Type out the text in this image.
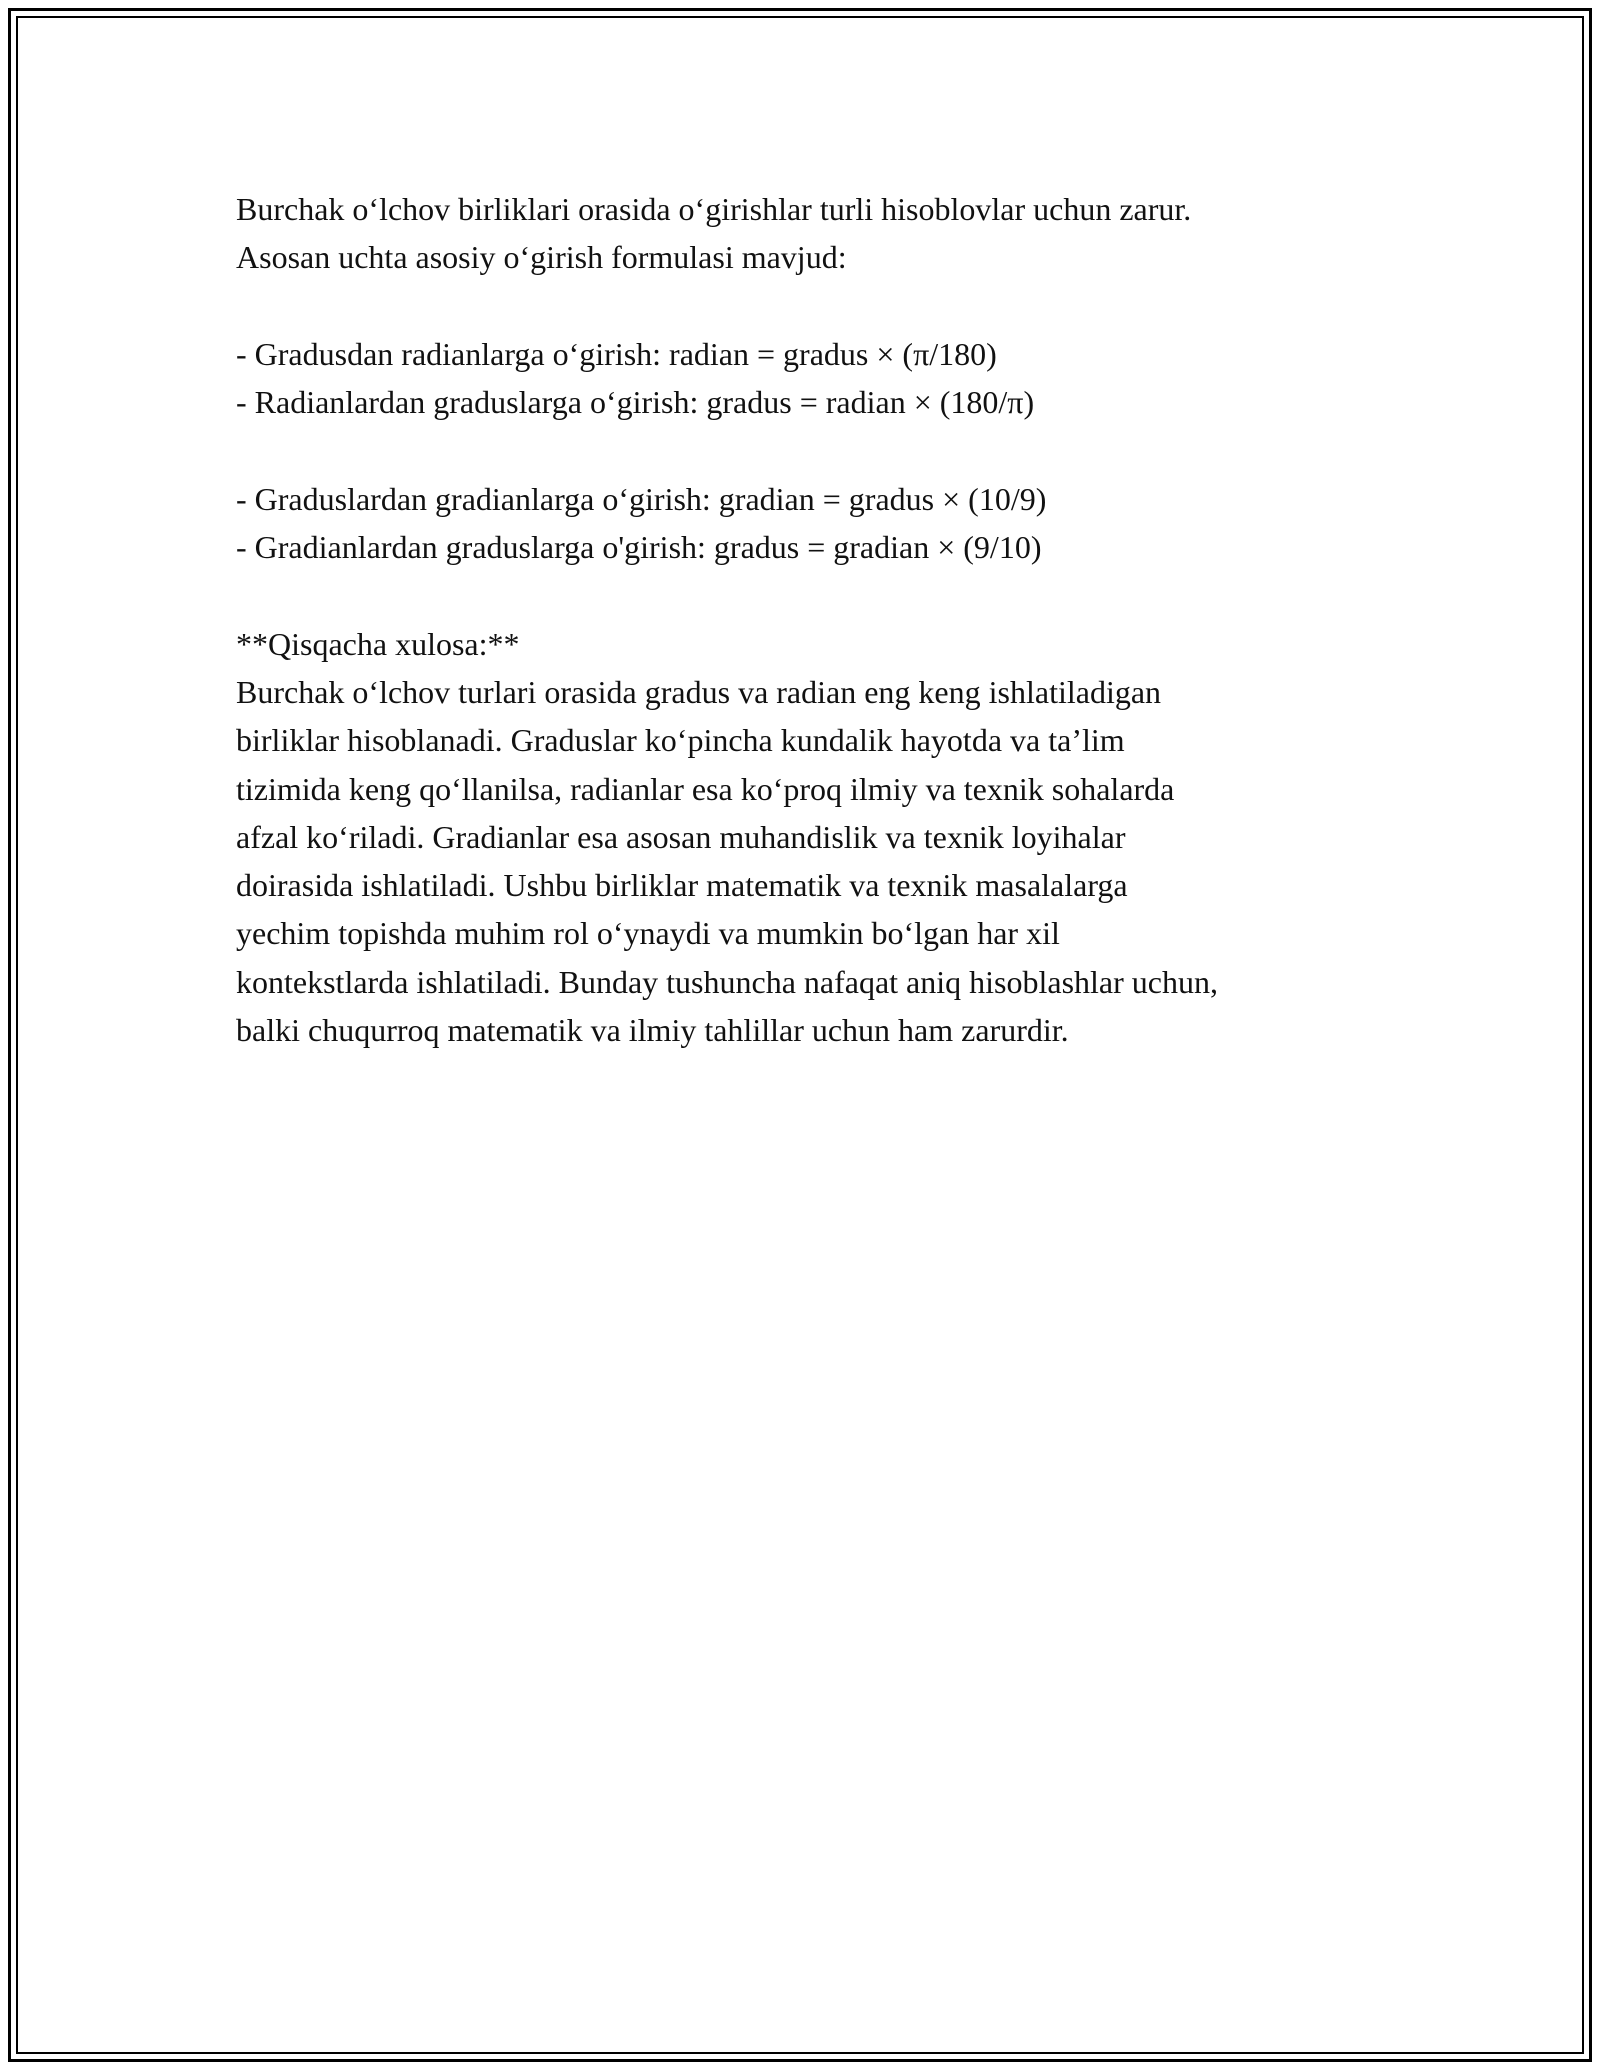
Burchak o‘lchov birliklari orasida o‘girishlar turli hisoblovlar uchun zarur.

Asosan uchta asosiy o‘girish formulasi mavjud:

- Gradusdan radianlarga o‘girish: radian = gradus × (π/180)

- Radianlardan graduslarga o‘girish: gradus = radian × (180/π)

- Graduslardan gradianlarga o‘girish: gradian = gradus × (10/9)

- Gradianlardan graduslarga o'girish: gradus = gradian × (9/10)

**Qisqacha xulosa:**

Burchak o‘lchov turlari orasida gradus va radian eng keng ishlatiladigan

birliklar hisoblanadi. Graduslar ko‘pincha kundalik hayotda va ta’lim

tizimida keng qo‘llanilsa, radianlar esa ko‘proq ilmiy va texnik sohalarda

afzal ko‘riladi. Gradianlar esa asosan muhandislik va texnik loyihalar

doirasida ishlatiladi. Ushbu birliklar matematik va texnik masalalarga

yechim topishda muhim rol o‘ynaydi va mumkin bo‘lgan har xil

kontekstlarda ishlatiladi. Bunday tushuncha nafaqat aniq hisoblashlar uchun,

balki chuqurroq matematik va ilmiy tahlillar uchun ham zarurdir.
